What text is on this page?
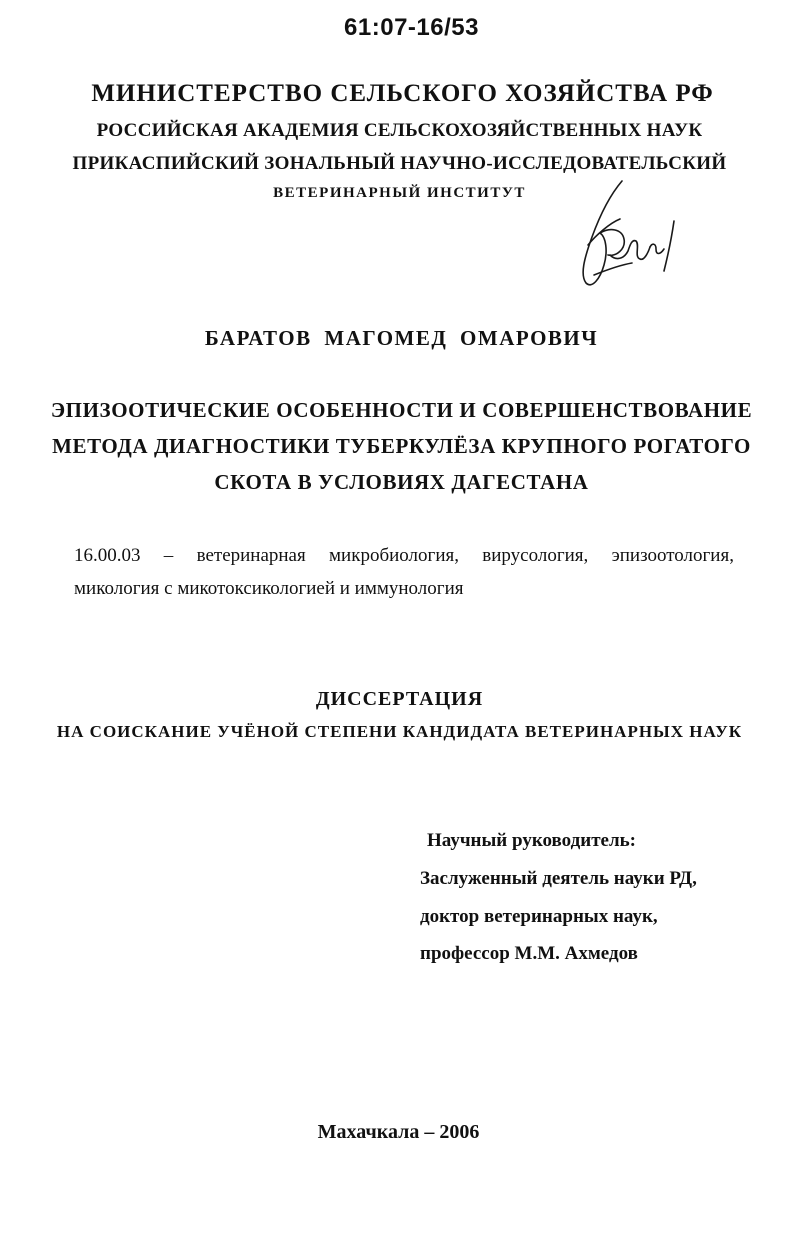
61:07-16/53
МИНИСТЕРСТВО СЕЛЬСКОГО ХОЗЯЙСТВА РФ
РОССИЙСКАЯ АКАДЕМИЯ СЕЛЬСКОХОЗЯЙСТВЕННЫХ НАУК
ПРИКАСПИЙСКИЙ ЗОНАЛЬНЫЙ НАУЧНО-ИССЛЕДОВАТЕЛЬСКИЙ
ВЕТЕРИНАРНЫЙ ИНСТИТУТ
БАРАТОВ МАГОМЕД ОМАРОВИЧ
ЭПИЗООТИЧЕСКИЕ ОСОБЕННОСТИ И СОВЕРШЕНСТВОВАНИЕ
МЕТОДА ДИАГНОСТИКИ ТУБЕРКУЛЁЗА КРУПНОГО РОГАТОГО
СКОТА В УСЛОВИЯХ ДАГЕСТАНА
16.00.03 – ветеринарная микробиология, вирусология, эпизоотология,
микология с микотоксикологией и иммунология
ДИССЕРТАЦИЯ
НА СОИСКАНИЕ УЧЁНОЙ СТЕПЕНИ КАНДИДАТА ВЕТЕРИНАРНЫХ НАУК
Научный руководитель:
Заслуженный деятель науки РД,
доктор ветеринарных наук,
профессор М.М. Ахмедов
Махачкала – 2006
